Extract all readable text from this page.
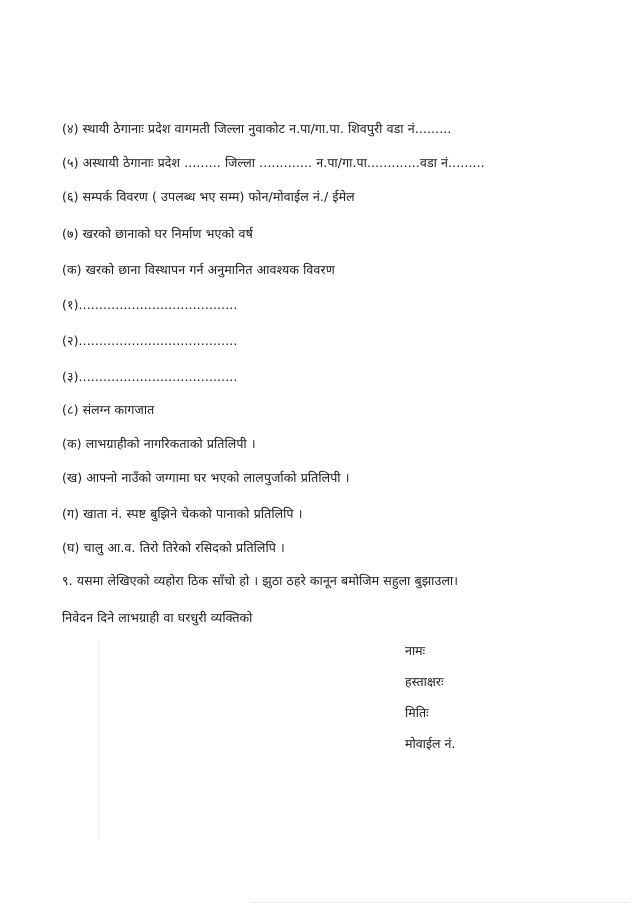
(४) स्थायी ठेगानाः प्रदेश वागमती जिल्ला नुवाकोट न.पा/गा.पा. शिवपुरी वडा नं.........
(५) अस्थायी ठेगानाः प्रदेश ......... जिल्ला ............. न.पा/गा.पा.............वडा नं.........
(६) सम्पर्क विवरण ( उपलब्ध भए सम्म) फोन/मोवाईल नं./ ईमेल
(७) खरको छानाको घर निर्माण भएको वर्ष
(क) खरको छाना विस्थापन गर्न अनुमानित आवश्यक विवरण
(१).......................................
(२).......................................
(३).......................................
(८) संलग्न कागजात
(क) लाभग्राहीको नागरिकताको प्रतिलिपी ।
(ख) आफ्नो नाउँको जग्गामा घर भएको लालपुर्जाको प्रतिलिपी ।
(ग) खाता नं. स्पष्ट बुझिने चेकको पानाको प्रतिलिपि ।
(घ) चालु आ.व. तिरो तिरेको रसिदको प्रतिलिपि ।
९. यसमा लेखिएको व्यहोरा ठिक साँचो हो । झुठा ठहरे कानून बमोजिम सहुला बुझाउला।
निवेदन दिने लाभग्राही वा घरधुरी व्यक्तिको
नामः
हस्ताक्षरः
मितिः
मोवाईल नं.
